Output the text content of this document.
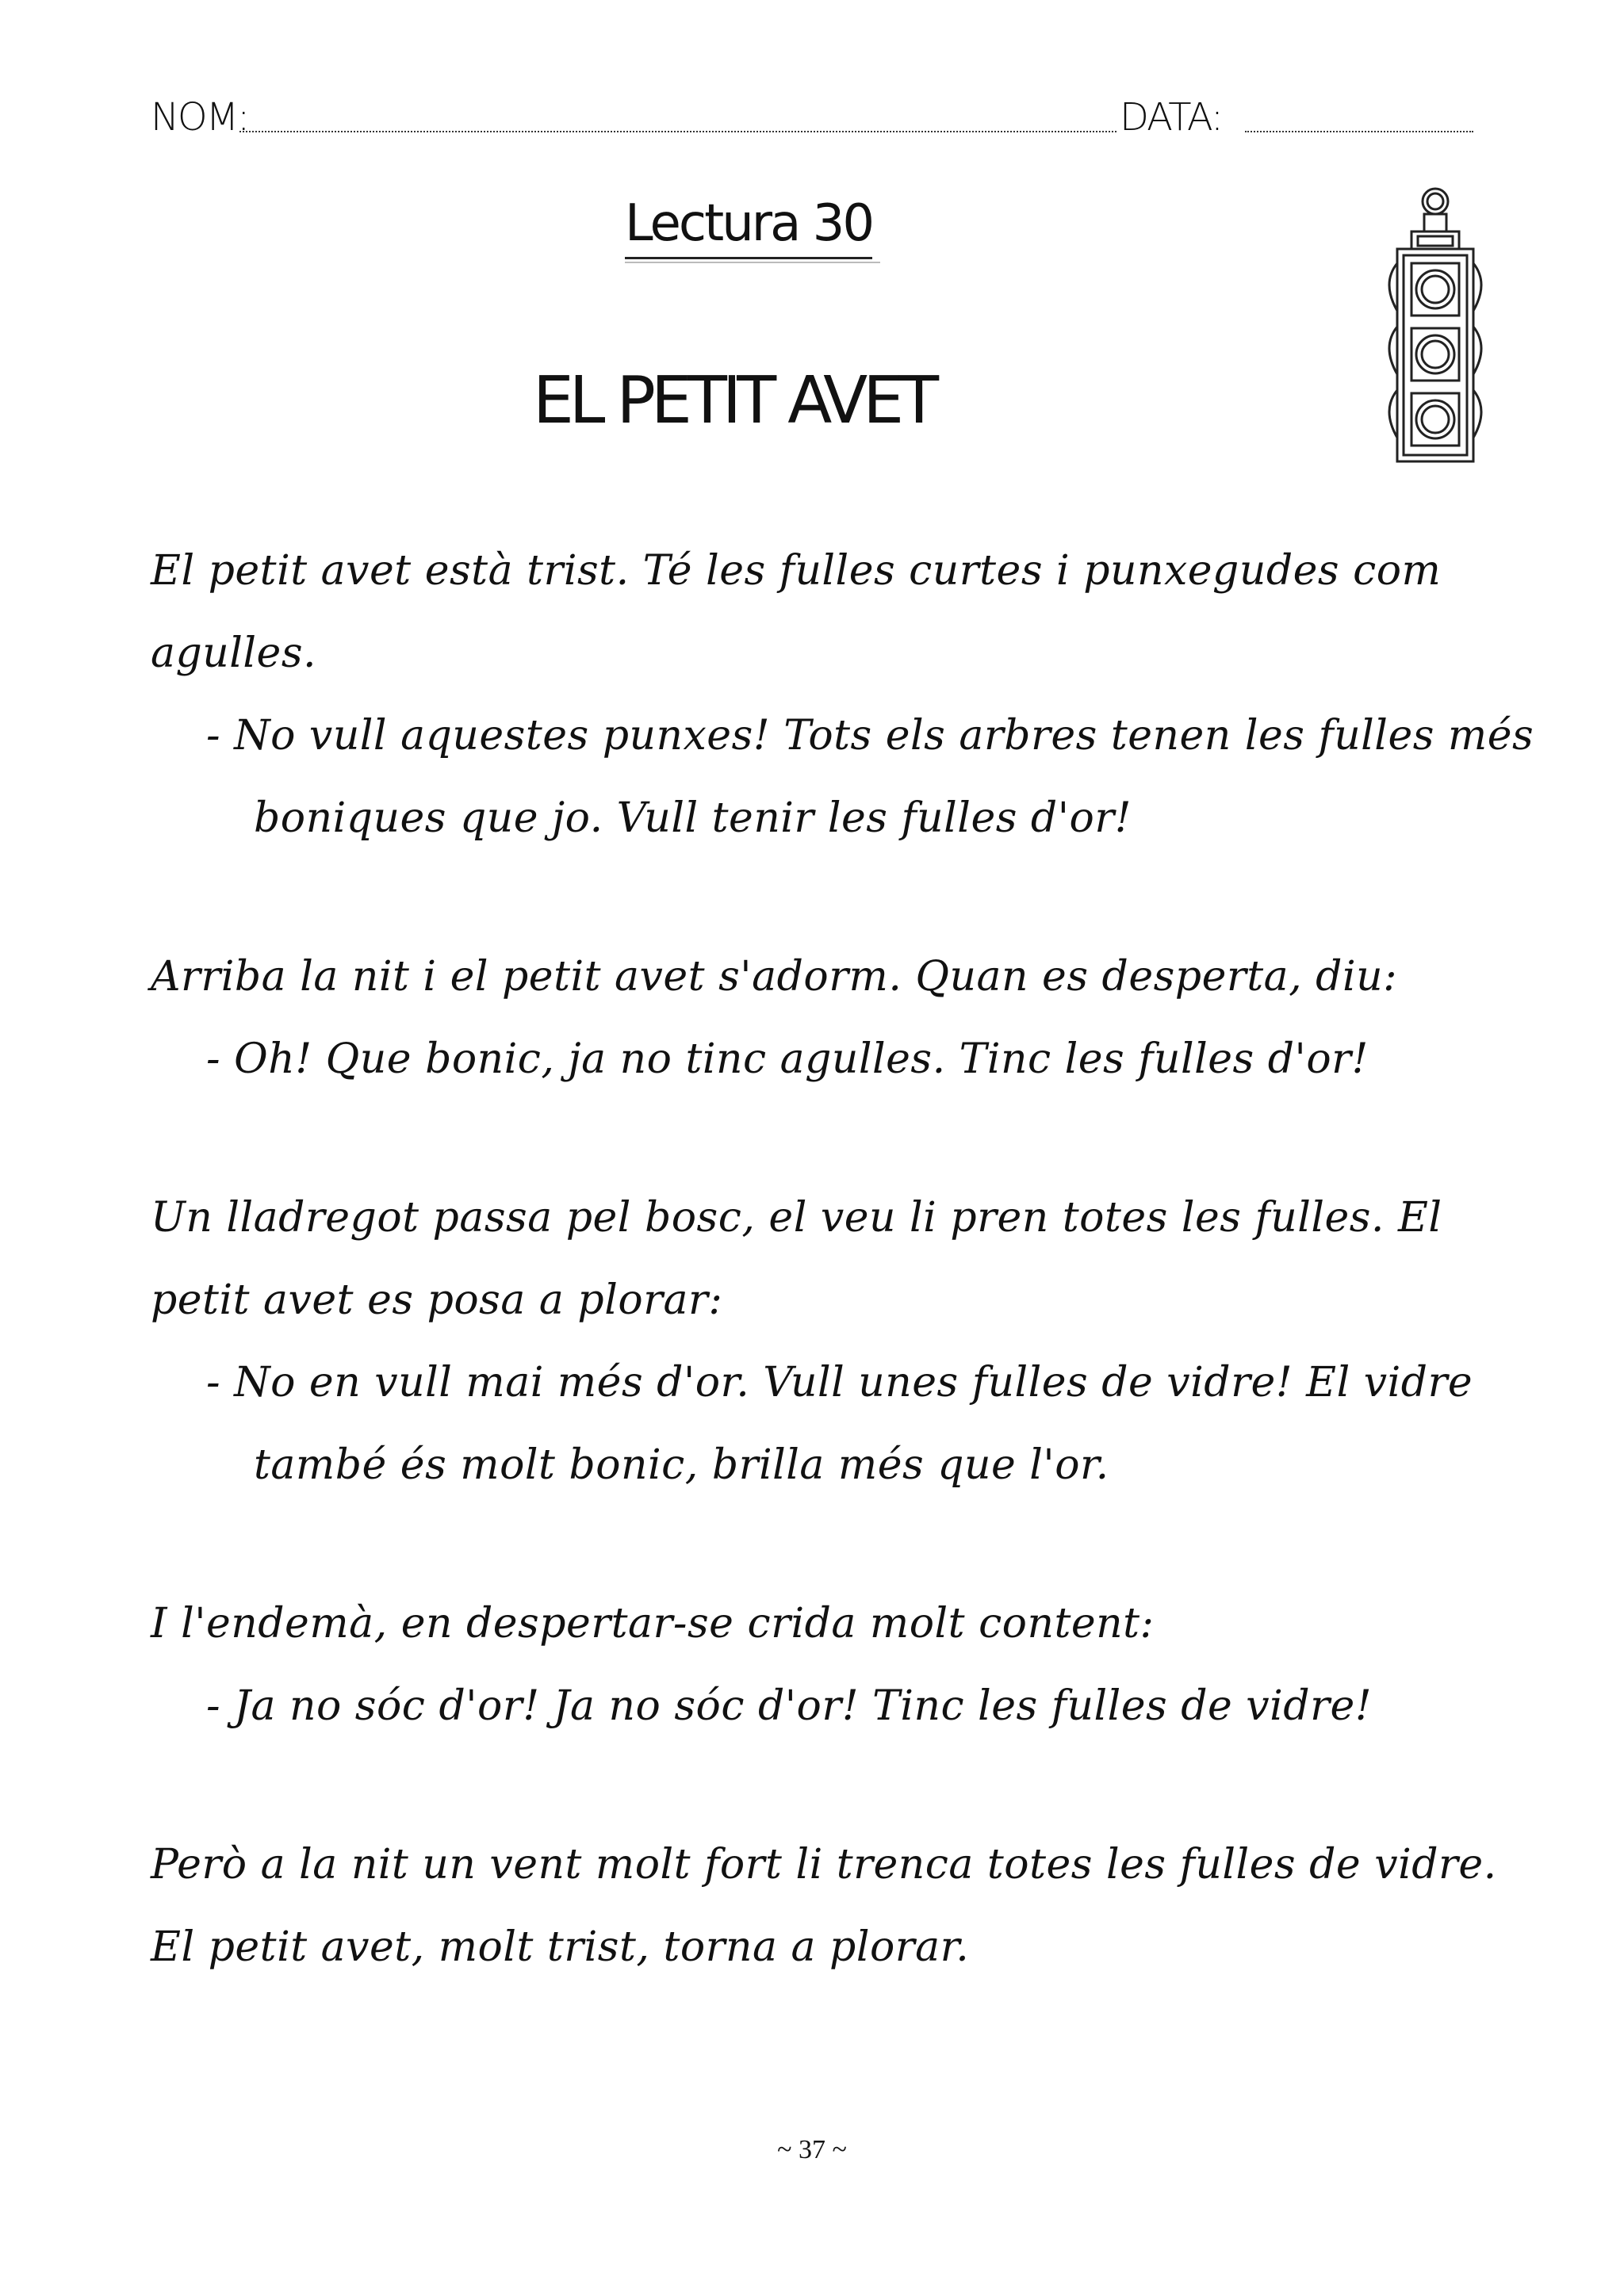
NOM:	DATA:
Lectura 30
EL PETIT AVET
El petit avet està trist. Té les fulles curtes i punxegudes com
agulles.
- No vull aquestes punxes! Tots els arbres tenen les fulles més
boniques que jo. Vull tenir les fulles d'or!
Arriba la nit i el petit avet s'adorm. Quan es desperta, diu:
- Oh! Que bonic, ja no tinc agulles. Tinc les fulles d'or!
Un lladregot passa pel bosc, el veu li pren totes les fulles. El
petit avet es posa a plorar:
- No en vull mai més d'or. Vull unes fulles de vidre! El vidre
també és molt bonic, brilla més que l'or.
I l'endemà, en despertar-se crida molt content:
- Ja no sóc d'or! Ja no sóc d'or! Tinc les fulles de vidre!
Però a la nit un vent molt fort li trenca totes les fulles de vidre.
El petit avet, molt trist, torna a plorar.
~ 37 ~
